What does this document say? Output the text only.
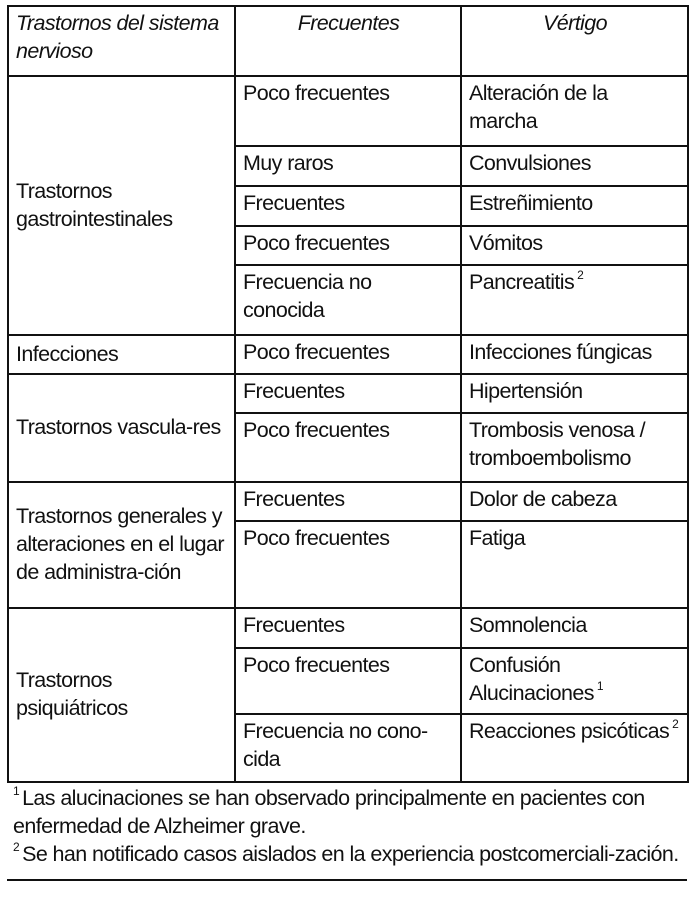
Trastornos del sistema nervioso	Frecuentes	Vértigo
Trastornos gastrointestinales	Poco frecuentes	Alteración de la marcha
	Muy raros	Convulsiones
	Frecuentes	Estreñimiento
	Poco frecuentes	Vómitos
	Frecuencia no conocida	Pancreatitis $^2$
Infecciones	Poco frecuentes	Infecciones fúngicas
Trastornos vascula-res	Frecuentes	Hipertensión
	Poco frecuentes	Trombosis venosa / tromboembolismo
Trastornos generales y alteraciones en el lugar de administra-ción	Frecuentes	Dolor de cabeza
	Poco frecuentes	Fatiga
Trastornos psiquiátricos	Frecuentes	Somnolencia
	Poco frecuentes	Confusión Alucinaciones $^1$
	Frecuencia no cono-cida	Reacciones psicóticas $^2$

$^1$ Las alucinaciones se han observado principalmente en pacientes con enfermedad de Alzheimer grave.

$^2$ Se han notificado casos aislados en la experiencia postcomerciali-zación.
